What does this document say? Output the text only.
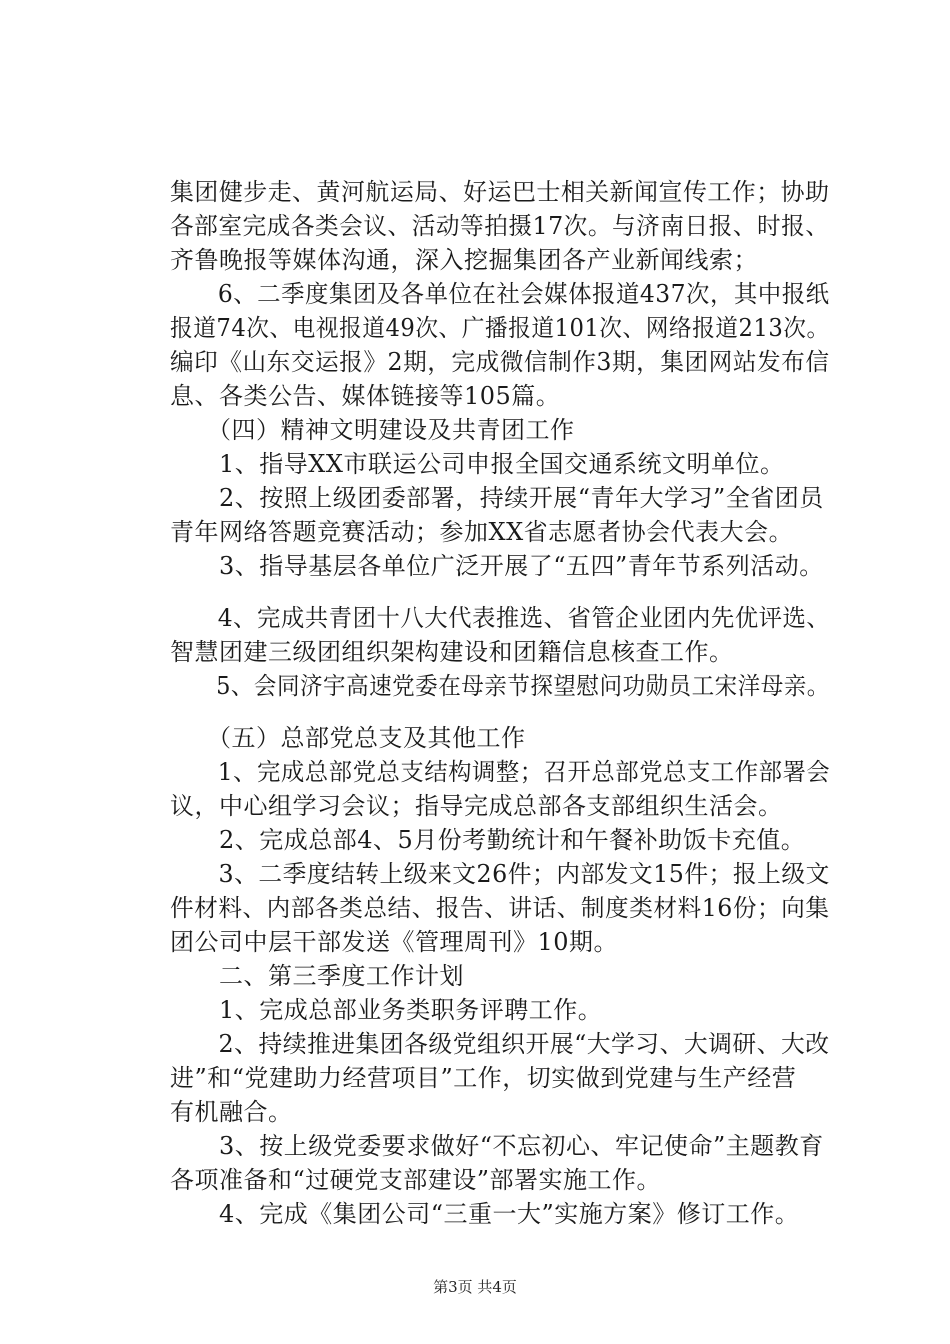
集团健步走、黄河航运局、好运巴士相关新闻宣传工作；协助
各部室完成各类会议、活动等拍摄17次。与济南日报、时报、
齐鲁晚报等媒体沟通，深入挖掘集团各产业新闻线索；
　　6、二季度集团及各单位在社会媒体报道437次，其中报纸
报道74次、电视报道49次、广播报道101次、网络报道213次。
编印《山东交运报》2期，完成微信制作3期，集团网站发布信
息、各类公告、媒体链接等105篇。
　　（四）精神文明建设及共青团工作
　　1、指导XX市联运公司申报全国交通系统文明单位。
　　2、按照上级团委部署，持续开展“青年大学习”全省团员
青年网络答题竞赛活动；参加XX省志愿者协会代表大会。
　　3、指导基层各单位广泛开展了“五四”青年节系列活动。
　　4、完成共青团十八大代表推选、省管企业团内先优评选、
智慧团建三级团组织架构建设和团籍信息核查工作。
　　5、会同济宇高速党委在母亲节探望慰问功勋员工宋洋母亲。
　　（五）总部党总支及其他工作
　　1、完成总部党总支结构调整；召开总部党总支工作部署会
议，中心组学习会议；指导完成总部各支部组织生活会。
　　2、完成总部4、5月份考勤统计和午餐补助饭卡充值。
　　3、二季度结转上级来文26件；内部发文15件；报上级文
件材料、内部各类总结、报告、讲话、制度类材料16份；向集
团公司中层干部发送《管理周刊》10期。
　　二、第三季度工作计划
　　1、完成总部业务类职务评聘工作。
　　2、持续推进集团各级党组织开展“大学习、大调研、大改
进”和“党建助力经营项目”工作，切实做到党建与生产经营
有机融合。
　　3、按上级党委要求做好“不忘初心、牢记使命”主题教育
各项准备和“过硬党支部建设”部署实施工作。
　　4、完成《集团公司“三重一大”实施方案》修订工作。
第3页 共4页
